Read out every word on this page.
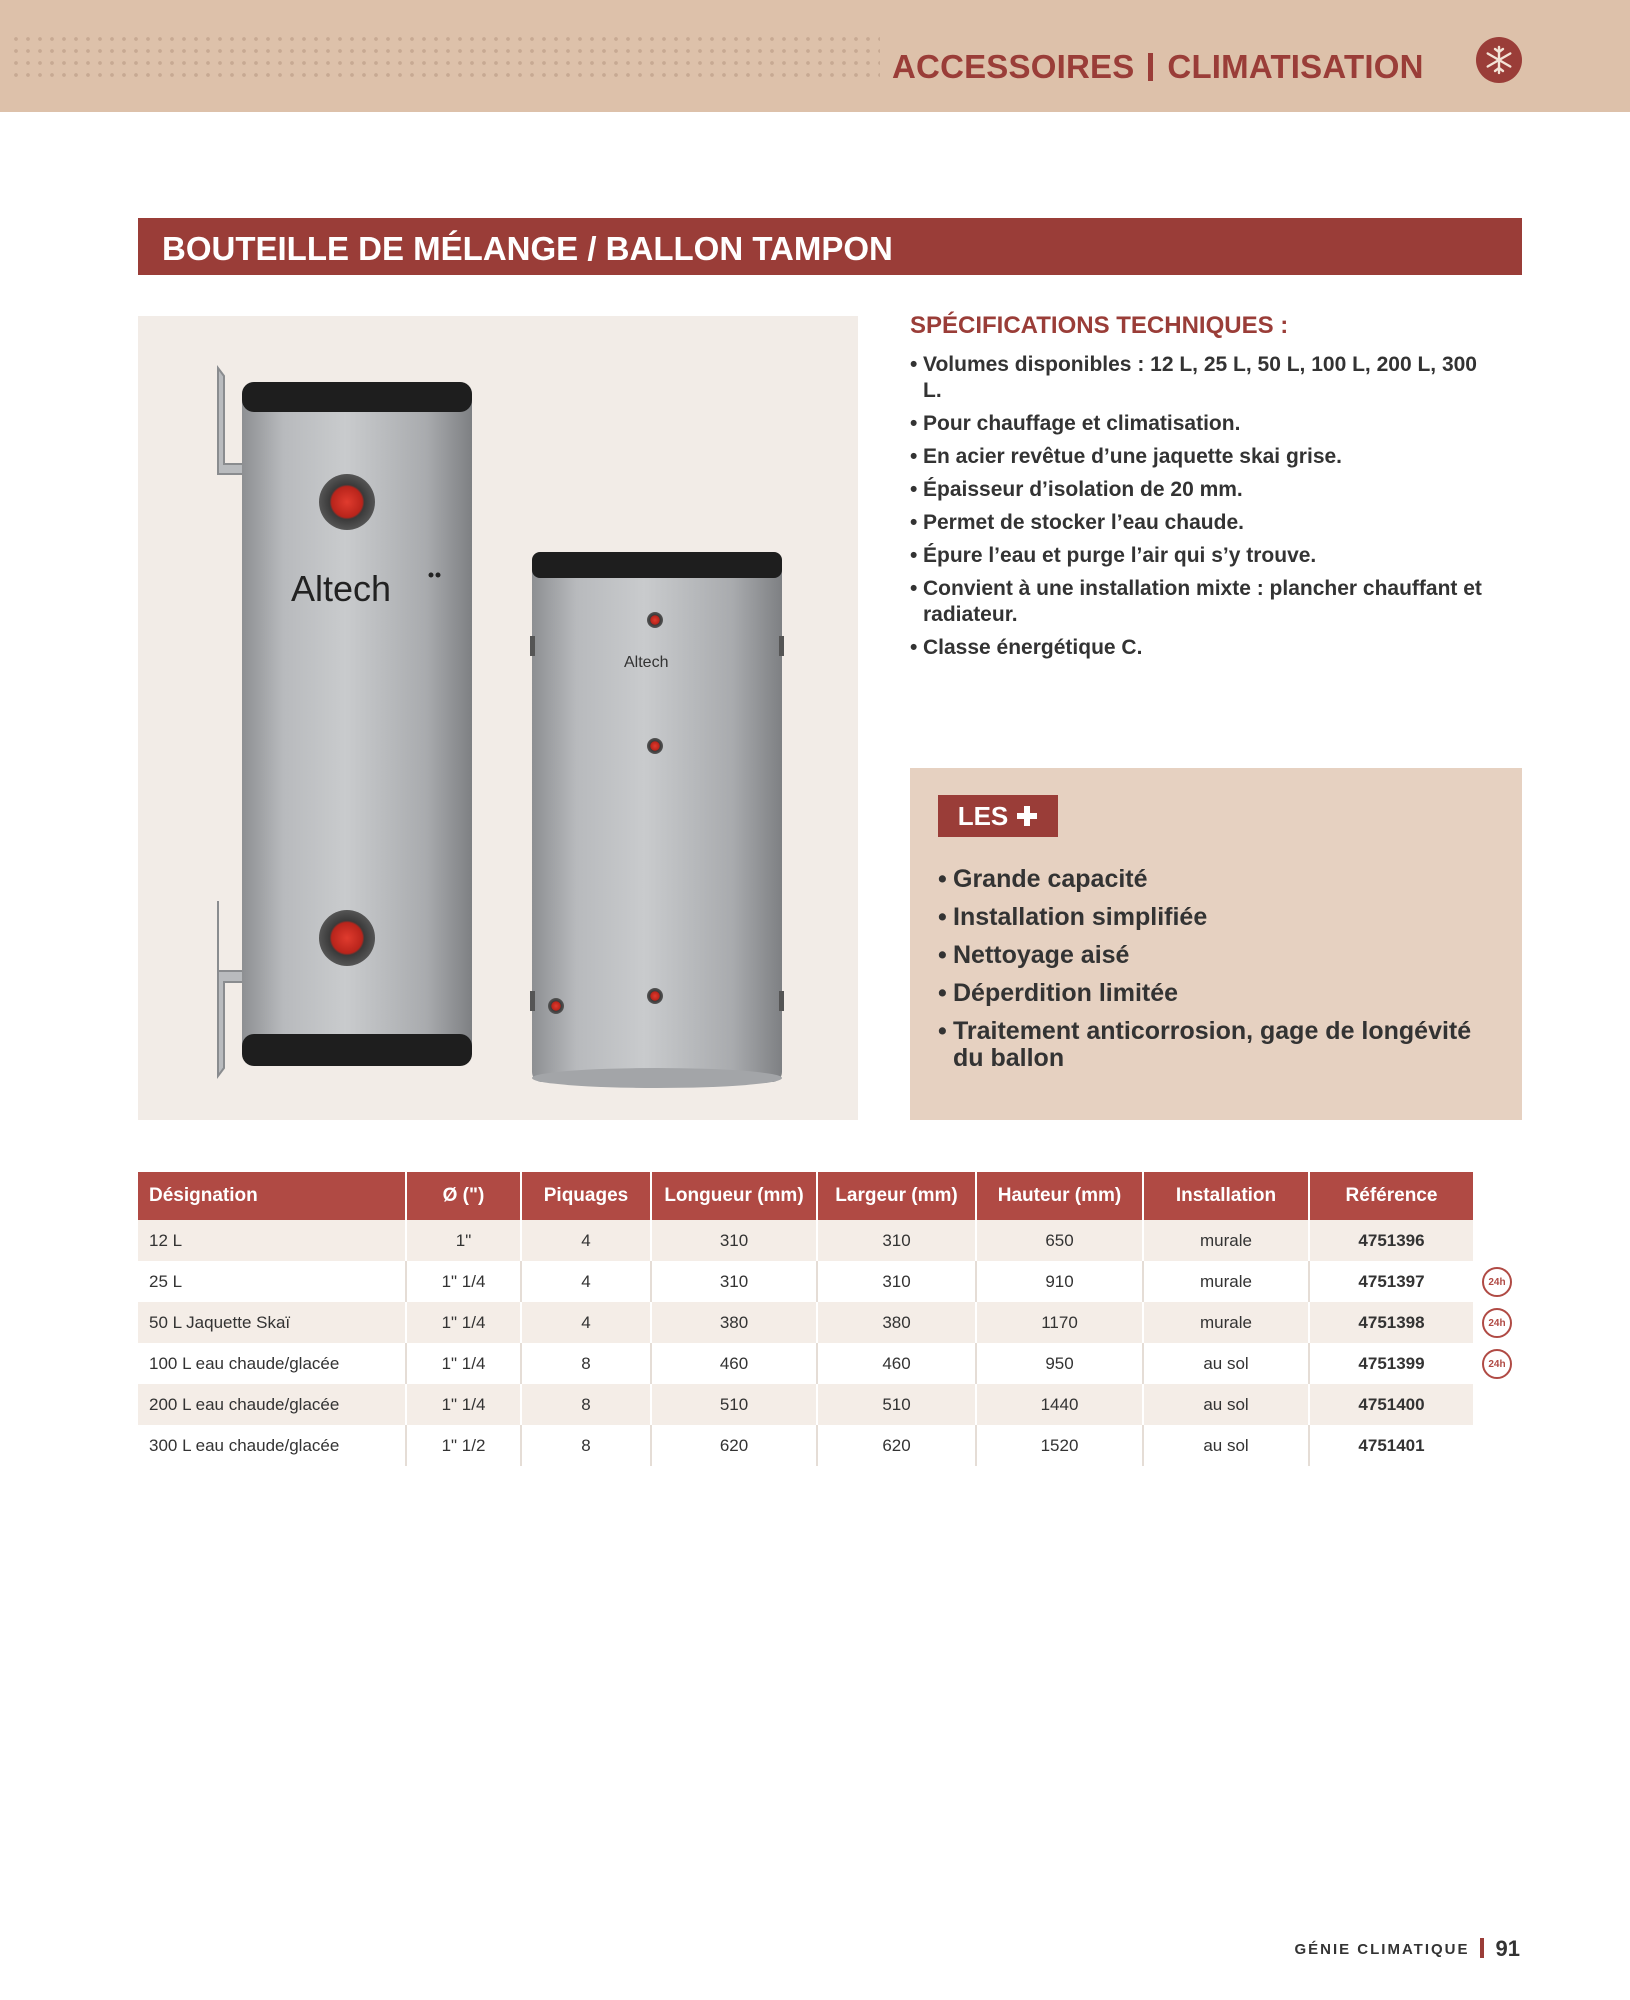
ACCESSOIRES CLIMATISATION
BOUTEILLE DE MÉLANGE / BALLON TAMPON
Altech
Altech
SPÉCIFICATIONS TECHNIQUES :
• Volumes disponibles : 12 L, 25 L, 50 L, 100 L, 200 L, 300 L.
• Pour chauffage et climatisation.
• En acier revêtue d’une jaquette skai grise.
• Épaisseur d’isolation de 20 mm.
• Permet de stocker l’eau chaude.
• Épure l’eau et purge l’air qui s’y trouve.
• Convient à une installation mixte : plancher chauffant et radiateur.
• Classe énergétique C.
LES
• Grande capacité
• Installation simplifiée
• Nettoyage aisé
• Déperdition limitée
• Traitement anticorrosion, gage de longévité du ballon
Désignation	Ø (")	Piquages	Longueur (mm)	Largeur (mm)	Hauteur (mm)	Installation	Référence
12 L	1"	4	310	310	650	murale	4751396
25 L	1" 1/4	4	310	310	910	murale	4751397
50 L Jaquette Skaï	1" 1/4	4	380	380	1170	murale	4751398
100 L eau chaude/glacée	1" 1/4	8	460	460	950	au sol	4751399
200 L eau chaude/glacée	1" 1/4	8	510	510	1440	au sol	4751400
300 L eau chaude/glacée	1" 1/2	8	620	620	1520	au sol	4751401
24h
24h
24h
GÉNIE CLIMATIQUE 91
